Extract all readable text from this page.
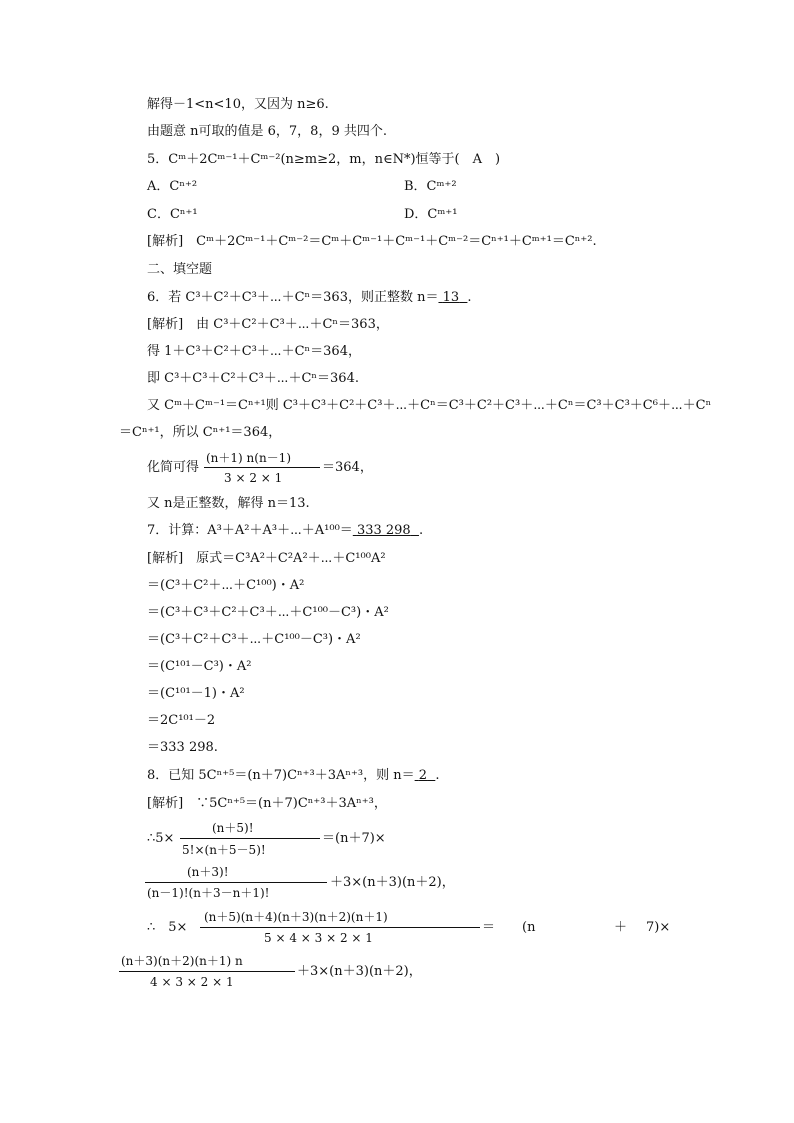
解得－1<n<10，又因为 n≥6.
由题意 n可取的值是 6，7，8，9 共四个.
5．Cᵐ＋2Cᵐ⁻¹＋Cᵐ⁻²(n≥m≥2，m，n∈N*)恒等于(　A　)
A．Cⁿ⁺²	B．Cᵐ⁺²
C．Cⁿ⁺¹	D．Cᵐ⁺¹
[解析]　Cᵐ＋2Cᵐ⁻¹＋Cᵐ⁻²＝Cᵐ＋Cᵐ⁻¹＋Cᵐ⁻¹＋Cᵐ⁻²＝Cⁿ⁺¹＋Cᵐ⁺¹＝Cⁿ⁺².
二、填空题
6．若 C³＋C²＋C³＋⋯＋Cⁿ＝363，则正整数 n＝ 13 .
[解析]　由 C³＋C²＋C³＋⋯＋Cⁿ＝363，
得 1＋C³＋C²＋C³＋⋯＋Cⁿ＝364，
即 C³＋C³＋C²＋C³＋⋯＋Cⁿ＝364.
又 Cᵐ＋Cᵐ⁻¹＝Cⁿ⁺¹则 C³＋C³＋C²＋C³＋⋯＋Cⁿ＝C³＋C²＋C³＋⋯＋Cⁿ＝C³＋C³＋C⁶＋⋯＋Cⁿ
＝Cⁿ⁺¹，所以 Cⁿ⁺¹＝364，
化简可得
(n＋1) n(n－1)
3 × 2 × 1
＝364，
又 n是正整数，解得 n＝13.
7．计算：A³＋A²＋A³＋⋯＋A¹⁰⁰＝ 333 298 .
[解析]　原式＝C³A²＋C²A²＋⋯＋C¹⁰⁰A²
＝(C³＋C²＋⋯＋C¹⁰⁰)・A²
＝(C³＋C³＋C²＋C³＋⋯＋C¹⁰⁰－C³)・A²
＝(C³＋C²＋C³＋⋯＋C¹⁰⁰－C³)・A²
＝(C¹⁰¹－C³)・A²
＝(C¹⁰¹－1)・A²
＝2C¹⁰¹－2
＝333 298.
8．已知 5Cⁿ⁺⁵＝(n＋7)Cⁿ⁺³＋3Aⁿ⁺³，则 n＝ 2 .
[解析]　∵5Cⁿ⁺⁵＝(n＋7)Cⁿ⁺³＋3Aⁿ⁺³，
∴5×
(n＋5)!
5!×(n＋5－5)!
＝(n＋7)×
(n＋3)!
(n－1)!(n＋3－n＋1)!
＋3×(n＋3)(n＋2)，
∴　5×
(n＋5)(n＋4)(n＋3)(n＋2)(n＋1)
5 × 4 × 3 × 2 × 1
＝ (n	＋ 7)×
(n＋3)(n＋2)(n＋1) n
4 × 3 × 2 × 1
＋3×(n＋3)(n＋2)，
